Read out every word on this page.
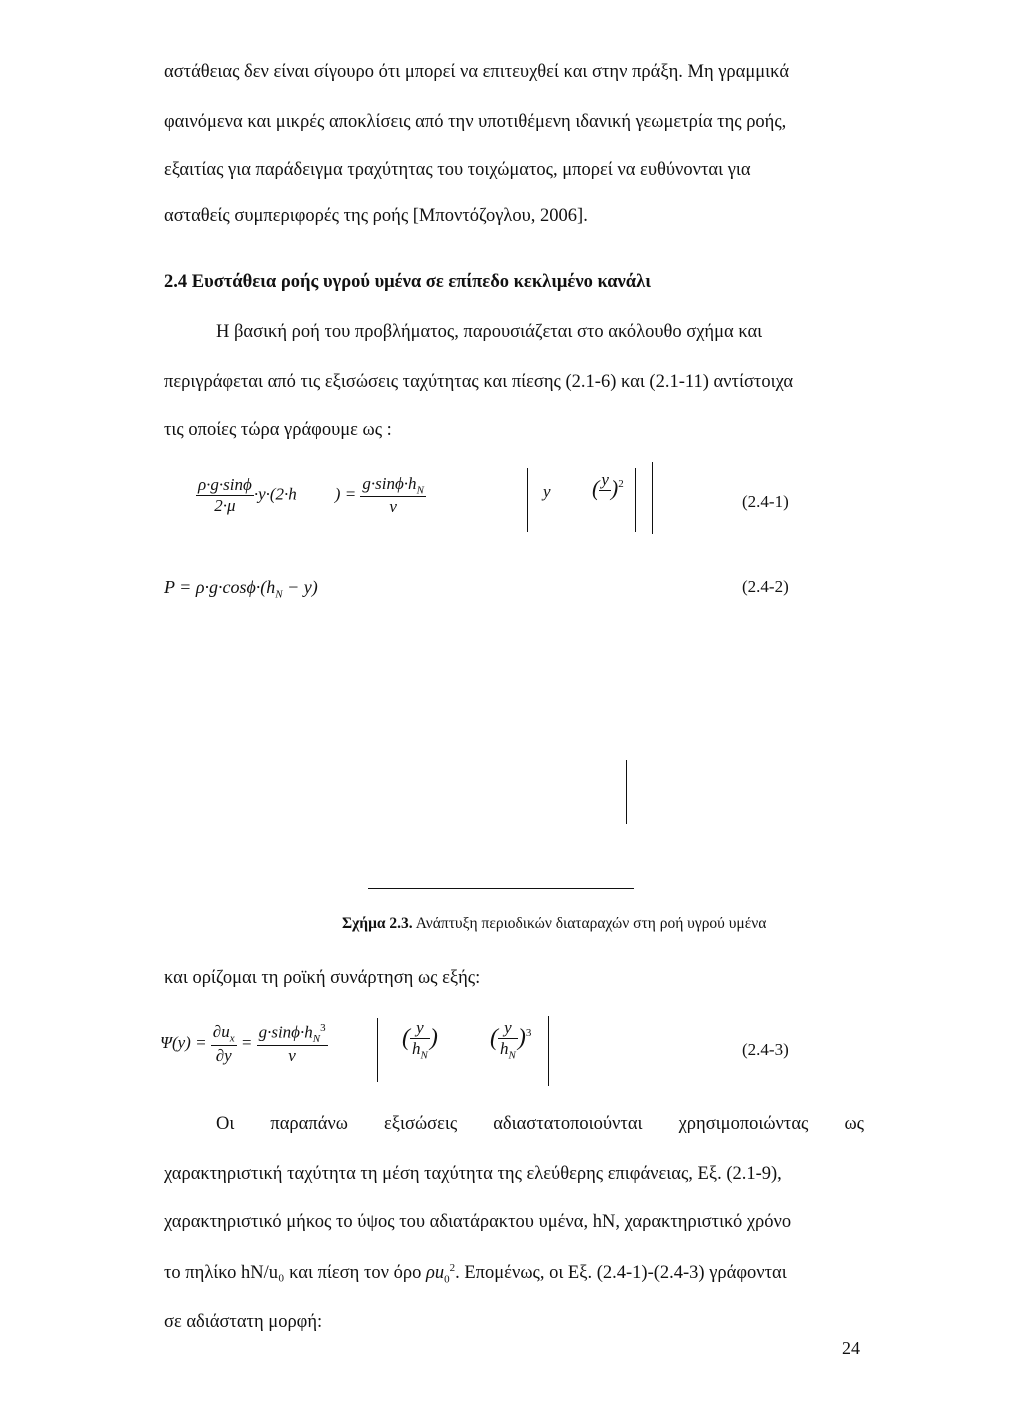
αστάθειας δεν είναι σίγουρο ότι μπορεί να επιτευχθεί και στην πράξη. Μη γραμμικά
φαινόμενα και μικρές αποκλίσεις από την υποτιθέμενη ιδανική γεωμετρία της ροής,
εξαιτίας για παράδειγμα τραχύτητας του τοιχώματος, μπορεί να ευθύνονται για
ασταθείς συμπεριφορές της ροής [Μποντόζογλου, 2006].
2.4 Ευστάθεια ροής υγρού υμένα σε επίπεδο κεκλιμένο κανάλι
Η βασική ροή του προβλήματος, παρουσιάζεται στο ακόλουθο σχήμα και
περιγράφεται από τις εξισώσεις ταχύτητας και πίεσης (2.1-6) και (2.1-11) αντίστοιχα
τις οποίες τώρα γράφουμε ως :
$\frac{\rho\cdot g\cdot\sin\phi}{2\cdot\mu} \cdot y\cdot(2\cdot h$ ) = $\frac{g\cdot\sin\phi\cdot h_N}{v}$	y ( y
)$^2$
(2.4-1)
$P = \rho\cdot g\cdot\cos\phi\cdot(h_N - y)$	(2.4-2)
Σχήμα 2.3. Ανάπτυξη περιοδικών διαταραχών στη ροή υγρού υμένα
και ορίζομαι τη ροϊκή συνάρτηση ως εξής:
$\Psi(y) = \frac{\partial u_x}{\partial y} = \frac{g\cdot\sin\phi\cdot h_N^3}{v}$	( $\frac{y}{h_N}$ ) ( $\frac{y}{h_N} )^3$
(2.4-3)
Οι παραπάνω εξισώσεις αδιαστατοποιούνται χρησιμοποιώντας ως
χαρακτηριστική ταχύτητα τη μέση ταχύτητα της ελεύθερης επιφάνειας, Εξ. (2.1-9),
χαρακτηριστικό μήκος το ύψος του αδιατάρακτου υμένα, hΝ, χαρακτηριστικό χρόνο
το πηλίκο hΝ/u₀ και πίεση τον όρο $\rho u_0^2$. Επομένως, οι Εξ. (2.4-1)-(2.4-3) γράφονται
σε αδιάστατη μορφή:
24
